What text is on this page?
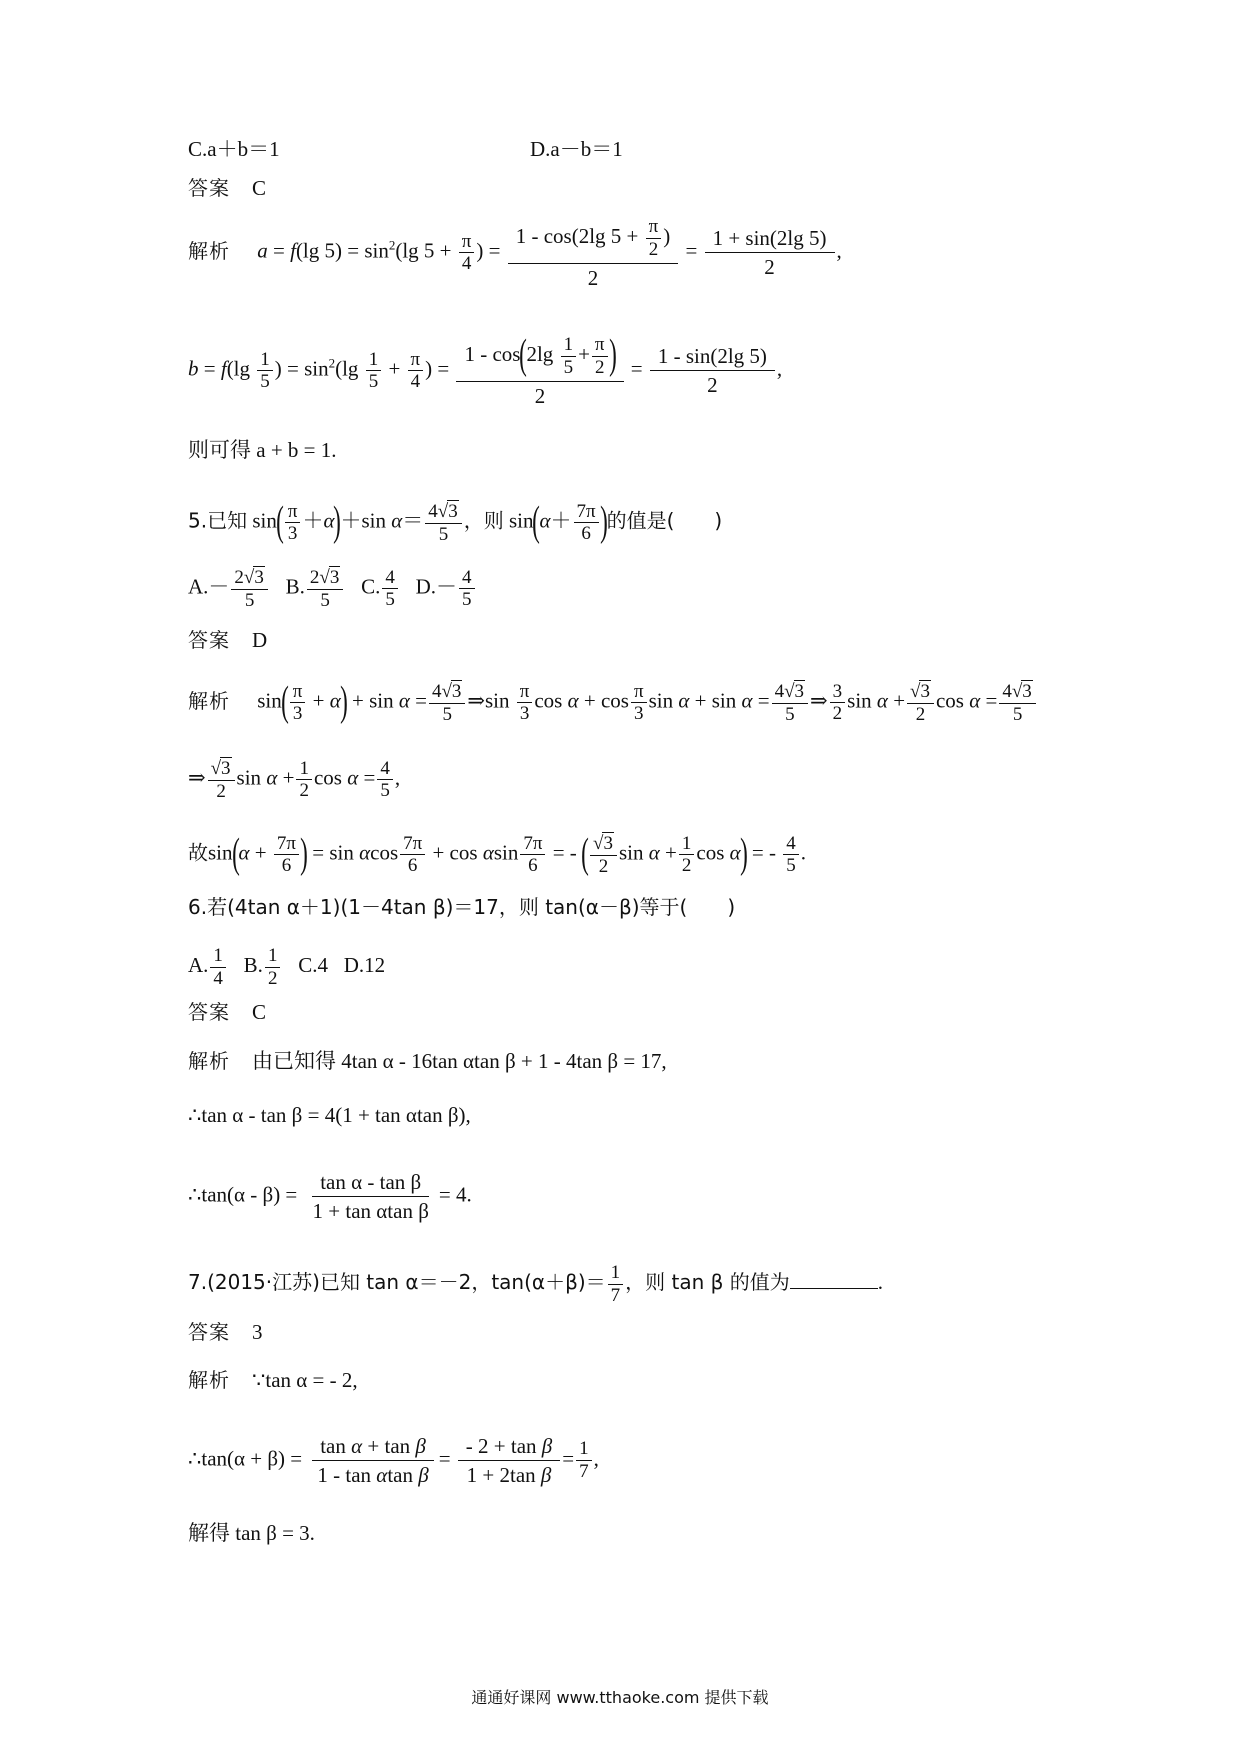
C.a＋b＝1	D.a－b＝1
答案 C
解析 a = f(lg $5) = \sin^2(\lg$ $5 + \frac{\pi}{4}$ ) = $\frac{1 - \cos(2\lg 5 + \frac{\pi}{2} )}{2} = \frac{1 + \sin(2\lg 5)}{2}$ ,
$b = f(\lg \frac{1}{5}$ ) = $\sin^2(\lg \frac{1}{5} + \frac{\pi}{4}$ ) = $\frac{1 - \cos(2\lg \frac{1}{5} + \frac{\pi}{2} )}{2} = \frac{1 - \sin(2\lg 5)}{2}$ ,
则可得 a + b = 1.
5.已知 $\sin( \frac{\pi}{3} +\alpha)+\sin$ $\alpha= \frac{4√3}{5}$ ，则 $\sin(\alpha+ \frac{7\pi}{6}$ )的值是(　　)
$A.- \frac{2√3}{5} B$. $\frac{2√3}{5} C$. $\frac{4}{5} D.- \frac{4}{5}$
答案 D
解析 $\sin( \frac{\pi}{3} + \alpha) + \sin \alpha = \frac{4√3}{5}$ ⇒sin $\frac{\pi}{3}$ $\cos \alpha + \cos \frac{\pi}{3}$ $\sin \alpha + \sin \alpha = \frac{4√3}{5}$ ⇒ $\frac{3}{2}$ $\sin \alpha + \frac{√3}{2}$ $\cos \alpha = \frac{4√3}{5}$
⇒ $\frac{√3}{2}$ $\sin \alpha + \frac{1}{2}$ $\cos \alpha = \frac{4}{5}$ ,
故$\sin(\alpha + \frac{7\pi}{6}$ ) = sin αcos $\frac{7\pi}{6} + \cos \alpha\sin \frac{7\pi}{6}$ = - ( $\frac{√3}{2}$ $\sin \alpha + \frac{1}{2}$ cos α) = - $\frac{4}{5}$ .
6.若(4tan α＋1)(1－4tan β)＝17，则 tan(α－β)等于(　　)
A. $\frac{1}{4} B$. $\frac{1}{2} C.4$ D.12
答案 C
解析 由已知得 4tan α - 16tan αtan β + 1 - 4tan β = 17,
∴tan α - tan β = 4(1 + tan αtan β),
∴tan(α - $\beta) = \frac{\text{tan α - tan β}}{\text{1 + tan αtan β}} = 4$.
7.(2015·江苏)已知 tan α＝－2，$\tan(\alpha+\beta)= \frac{1}{7}$ ，则 tan β 的值为	.
答案 3
解析 ∵tan α = - 2,
∴tan(α + $\beta) = \frac{\text{tan α + tan β}}{\text{1 - tan αtan β}} = \frac{\text{- 2 + tan β}}{\text{1 + 2tan β}} = \frac{1}{7}$ ,
解得 tan β = 3.
通通好课网 www.tthaoke.com 提供下载
